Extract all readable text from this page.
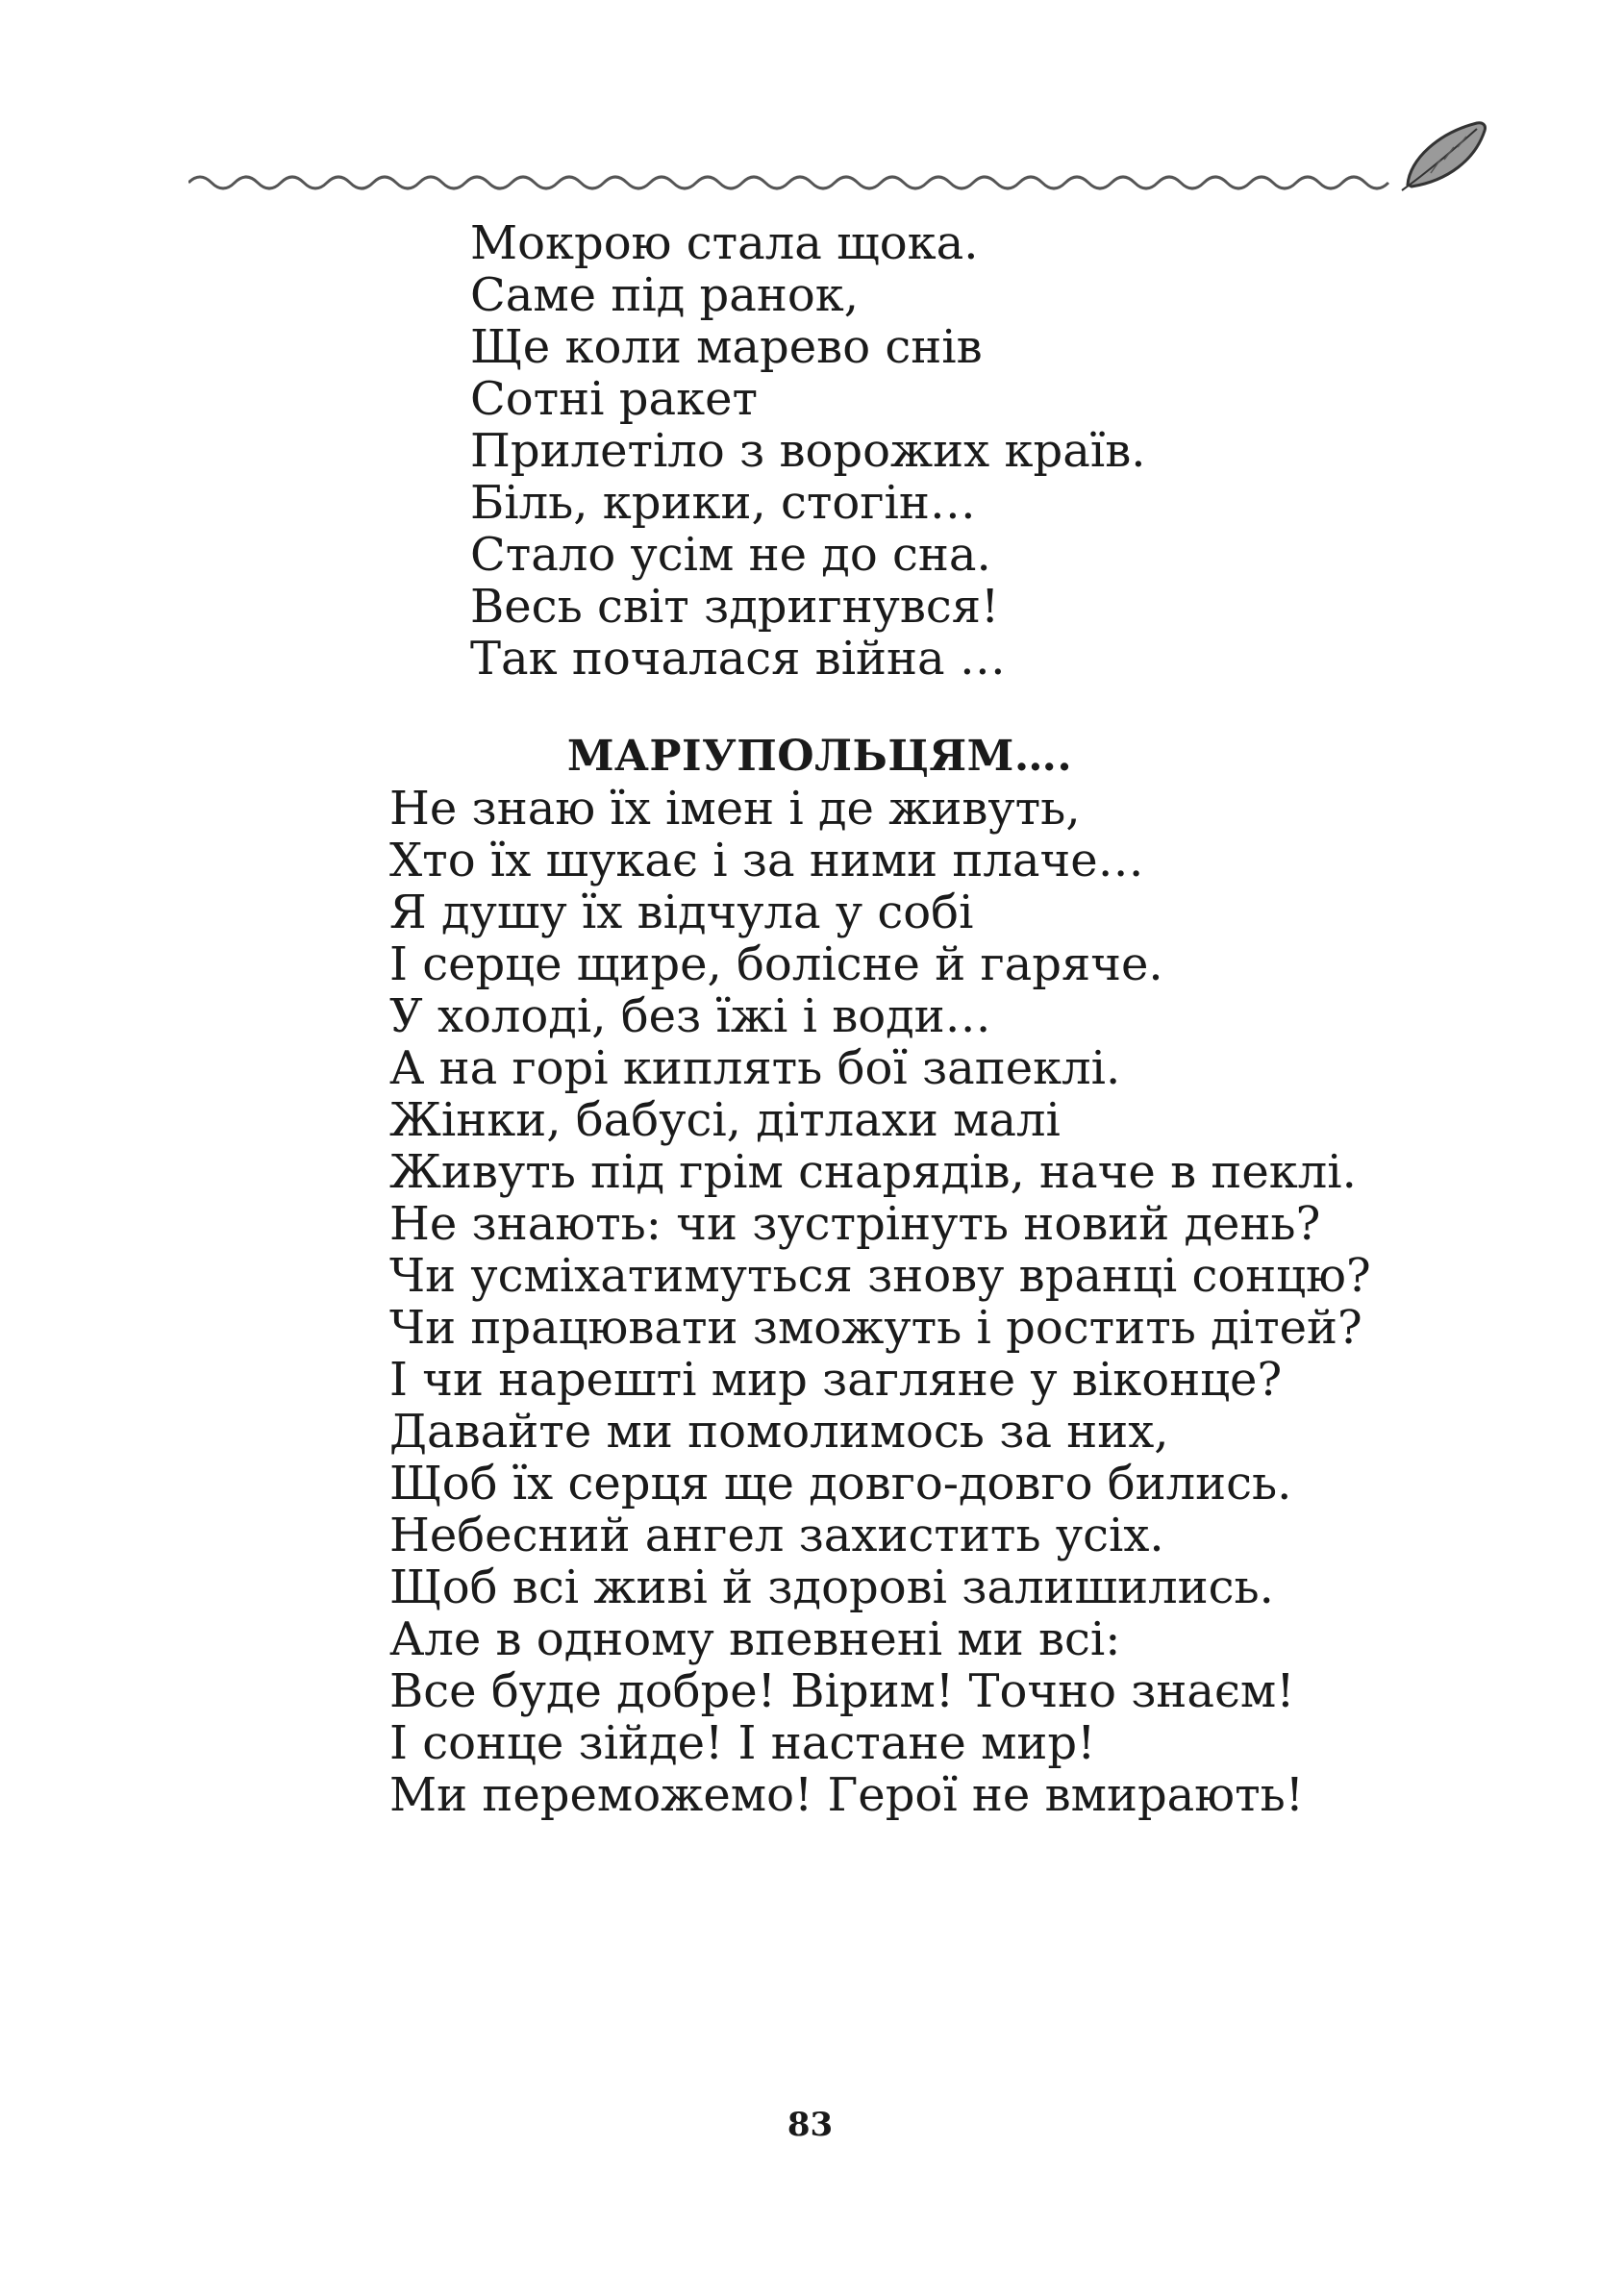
Мокрою стала щока.
Саме під ранок,
Ще коли марево снів
Сотні ракет
Прилетіло з ворожих країв.
Біль, крики, стогін…
Стало усім не до сна.
Весь світ здригнувся!
Так почалася війна …
МАРІУПОЛЬЦЯМ….
Не знаю їх імен і де живуть,
Хто їх шукає і за ними плаче…
Я душу їх відчула у собі
І серце щире, болісне й гаряче.
У холоді, без їжі і води…
А на горі киплять бої запеклі.
Жінки, бабусі, дітлахи малі
Живуть під грім снарядів, наче в пеклі.
Не знають: чи зустрінуть новий день?
Чи усміхатимуться знову вранці сонцю?
Чи працювати зможуть і ростить дітей?
І чи нарешті мир загляне у віконце?
Давайте ми помолимось за них,
Щоб їх серця ще довго-довго бились.
Небесний ангел захистить усіх.
Щоб всі живі й здорові залишились.
Але в одному впевнені ми всі:
Все буде добре! Вірим! Точно знаєм!
І сонце зійде! І настане мир!
Ми переможемо! Герої не вмирають!
83
